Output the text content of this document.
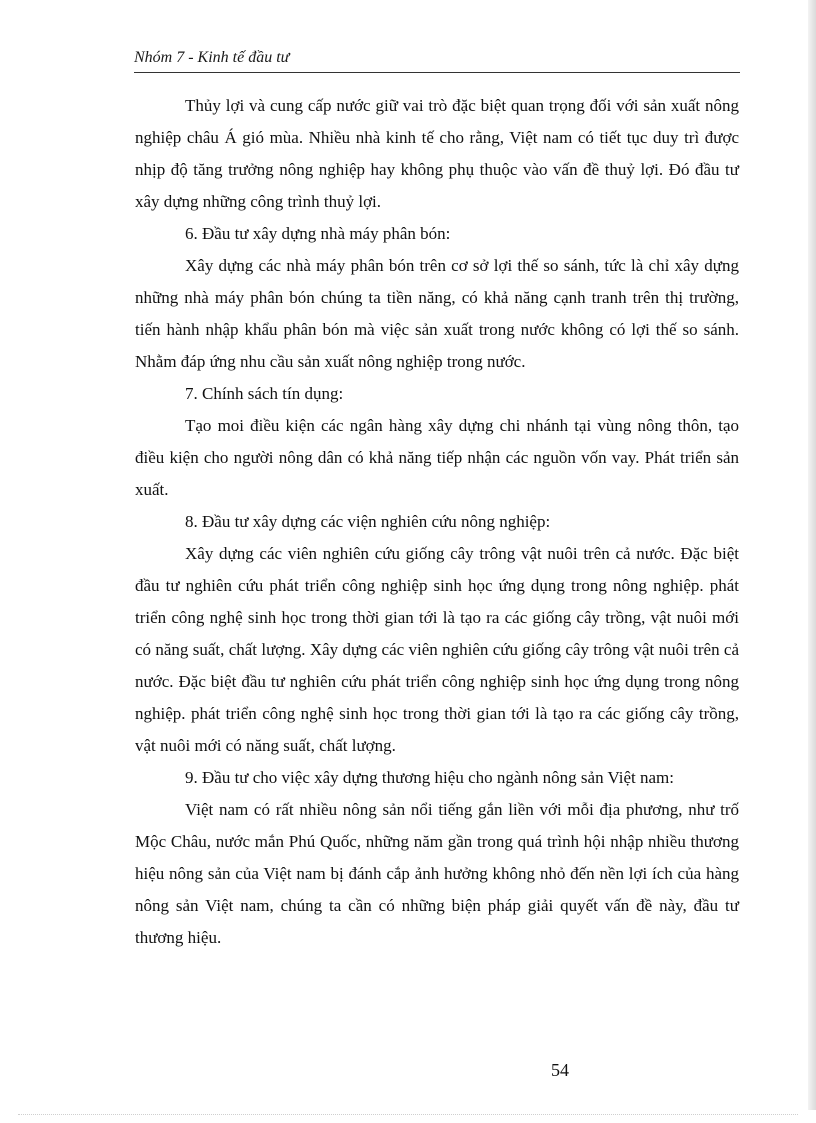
Nhóm 7 - Kinh tế đầu tư

Thủy lợi và cung cấp nước giữ vai trò đặc biệt quan trọng đối với sản xuất nông nghiệp châu Á gió mùa. Nhiều nhà kinh tế cho rằng, Việt nam có tiết tục duy trì được nhịp độ tăng trưởng nông nghiệp hay không phụ thuộc vào vấn đề thuỷ lợi. Đó đầu tư xây dựng những công trình thuỷ lợi.

6. Đầu tư xây dựng nhà máy phân bón:

Xây dựng các nhà máy phân bón trên cơ sở lợi thế so sánh, tức là chỉ xây dựng những nhà máy phân bón chúng ta tiền năng, có khả năng cạnh tranh trên thị trường, tiến hành nhập khẩu phân bón mà việc sản xuất trong nước không có lợi thế so sánh. Nhằm đáp ứng nhu cầu sản xuất nông nghiệp trong nước.

7. Chính sách tín dụng:

Tạo moi điều kiện các ngân hàng xây dựng chi nhánh tại vùng nông thôn, tạo điều kiện cho người nông dân có khả năng tiếp nhận các nguồn vốn vay. Phát triển sản xuất.

8. Đầu tư xây dựng các viện nghiên cứu nông nghiệp:

Xây dựng các viên nghiên cứu giống cây trông vật nuôi trên cả nước. Đặc biệt đầu tư nghiên cứu phát triển công nghiệp sinh học ứng dụng trong nông nghiệp. phát triển công nghệ sinh học trong thời gian tới là tạo ra các giống cây trồng, vật nuôi mới có năng suất, chất lượng. Xây dựng các viên nghiên cứu giống cây trông vật nuôi trên cả nước. Đặc biệt đầu tư nghiên cứu phát triển công nghiệp sinh học ứng dụng trong nông nghiệp. phát triển công nghệ sinh học trong thời gian tới là tạo ra các giống cây trồng, vật nuôi mới có năng suất, chất lượng.

9. Đầu tư cho việc xây dựng thương hiệu cho ngành nông sản Việt nam:

Việt nam có rất nhiều nông sản nổi tiếng gắn liền với mỗi địa phương, như trố Mộc Châu, nước mắn Phú Quốc, những năm gần trong quá trình hội nhập nhiều thương hiệu nông sản của Việt nam bị đánh cắp ảnh hưởng không nhỏ đến nền lợi ích của hàng nông sản Việt nam, chúng ta cần có những biện pháp giải quyết vấn đề này, đầu tư thương hiệu.

54
